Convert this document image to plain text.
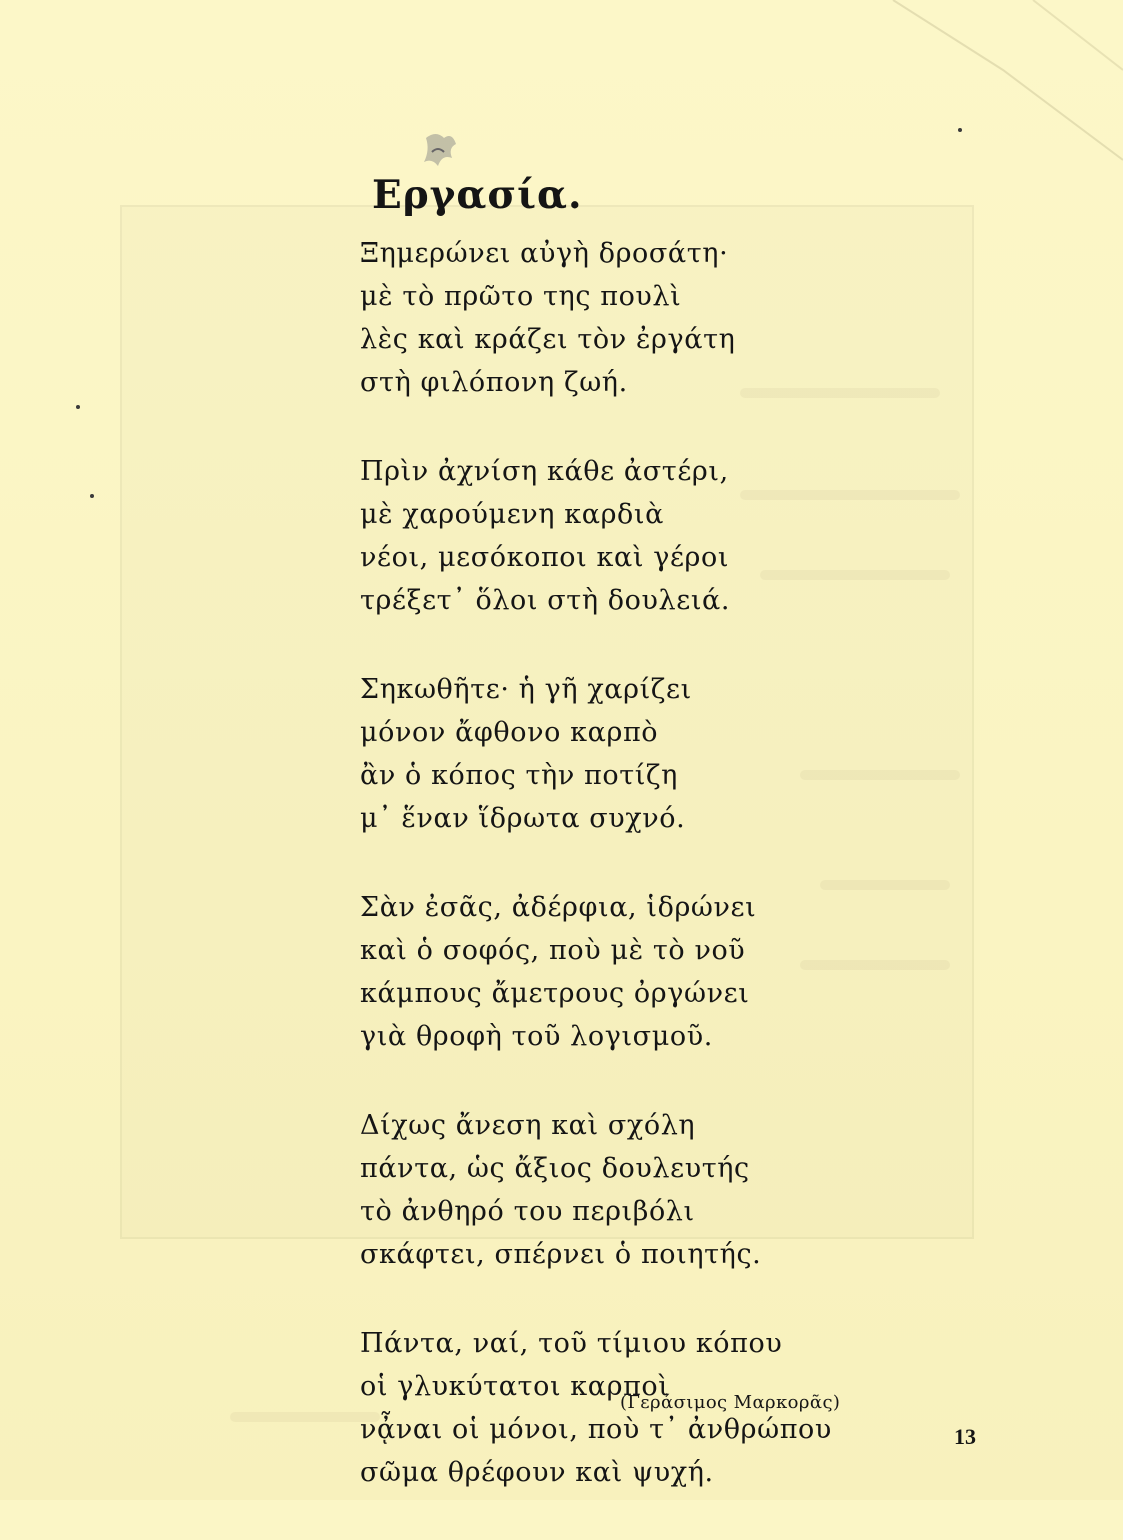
Εργασία.
Ξημερώνει αὐγὴ δροσάτη·
μὲ τὸ πρῶτο της πουλὶ
λὲς καὶ κράζει τὸν ἐργάτη
στὴ φιλόπονη ζωή.
Πρὶν ἀχνίση κάθε ἀστέρι,
μὲ χαρούμενη καρδιὰ
νέοι, μεσόκοποι καὶ γέροι
τρέξετ᾽ ὅλοι στὴ δουλειά.
Σηκωθῆτε· ἡ γῆ χαρίζει
μόνον ἄφθονο καρπὸ
ἂν ὁ κόπος τὴν ποτίζη
μ᾽ ἕναν ἵδρωτα συχνό.
Σὰν ἐσᾶς, ἀδέρφια, ἱδρώνει
καὶ ὁ σοφός, ποὺ μὲ τὸ νοῦ
κάμπους ἄμετρους ὀργώνει
γιὰ θροφὴ τοῦ λογισμοῦ.
Δίχως ἄνεση καὶ σχόλη
πάντα, ὡς ἄξιος δουλευτής
τὸ ἀνθηρό του περιβόλι
σκάφτει, σπέρνει ὁ ποιητής.
Πάντα, ναί, τοῦ τίμιου κόπου
οἱ γλυκύτατοι καρποὶ
νᾆναι οἱ μόνοι, ποὺ τ᾽ ἀνθρώπου
σῶμα θρέφουν καὶ ψυχή.
(Γεράσιμος Μαρκορᾶς)
13
